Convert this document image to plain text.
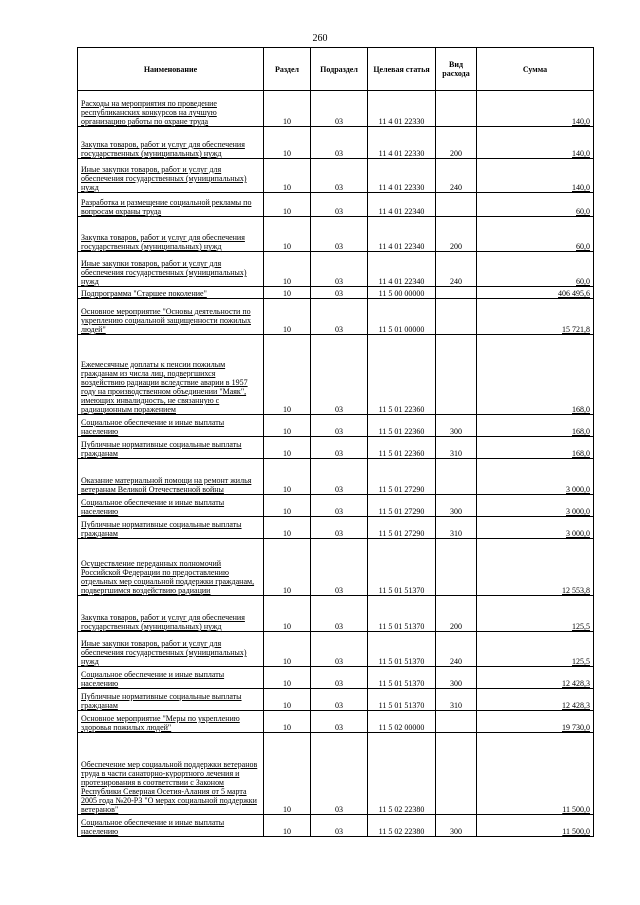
260
Наименование	Раздел	Подраздел	Целевая статья	Вид расхода	Сумма
Расходы на мероприятия по проведение республиканских конкурсов на лучшую организацию работы по охране труда	10	03	11 4 01 22330		140,0
Закупка товаров, работ и услуг для обеспечения государственных (муниципальных) нужд	10	03	11 4 01 22330	200	140,0
Иные закупки товаров, работ и услуг для обеспечения государственных (муниципальных) нужд	10	03	11 4 01 22330	240	140,0
Разработка и размещение социальной рекламы по вопросам охраны труда	10	03	11 4 01 22340		60,0
Закупка товаров, работ и услуг для обеспечения государственных (муниципальных) нужд	10	03	11 4 01 22340	200	60,0
Иные закупки товаров, работ и услуг для обеспечения государственных (муниципальных) нужд	10	03	11 4 01 22340	240	60,0
Подпрограмма "Старшее поколение"	10	03	11 5 00 00000		406 495,6
Основное мероприятие "Основы деятельности по укреплению социальной защищенности пожилых людей"	10	03	11 5 01 00000		15 721,8
Ежемесячные доплаты к пенсии пожилым гражданам из числа лиц, подвергшихся воздействию радиации вследствие аварии в 1957 году на производственном объединении "Маяк", имеющих инвалидность, не связанную с радиационным поражением	10	03	11 5 01 22360		168,0
Социальное обеспечение и иные выплаты населению	10	03	11 5 01 22360	300	168,0
Публичные нормативные социальные выплаты гражданам	10	03	11 5 01 22360	310	168,0
Оказание материальной помощи на ремонт жилья ветеранам Великой Отечественной войны	10	03	11 5 01 27290		3 000,0
Социальное обеспечение и иные выплаты населению	10	03	11 5 01 27290	300	3 000,0
Публичные нормативные социальные выплаты гражданам	10	03	11 5 01 27290	310	3 000,0
Осуществление переданных полномочий Российской Федерации по предоставлению отдельных мер социальной поддержки гражданам, подвергшимся воздействию радиации	10	03	11 5 01 51370		12 553,8
Закупка товаров, работ и услуг для обеспечения государственных (муниципальных) нужд	10	03	11 5 01 51370	200	125,5
Иные закупки товаров, работ и услуг для обеспечения государственных (муниципальных) нужд	10	03	11 5 01 51370	240	125,5
Социальное обеспечение и иные выплаты населению	10	03	11 5 01 51370	300	12 428,3
Публичные нормативные социальные выплаты гражданам	10	03	11 5 01 51370	310	12 428,3
Основное мероприятие "Меры по укреплению здоровья пожилых людей"	10	03	11 5 02 00000		19 730,0
Обеспечение мер социальной поддержки ветеранов труда в части санаторно-курортного лечения и протезирования в соответствии с Законом Республики Северная Осетия-Алания от 5 марта 2005 года №20-РЗ "О мерах социальной поддержки ветеранов"	10	03	11 5 02 22380		11 500,0
Социальное обеспечение и иные выплаты населению	10	03	11 5 02 22380	300	11 500,0
